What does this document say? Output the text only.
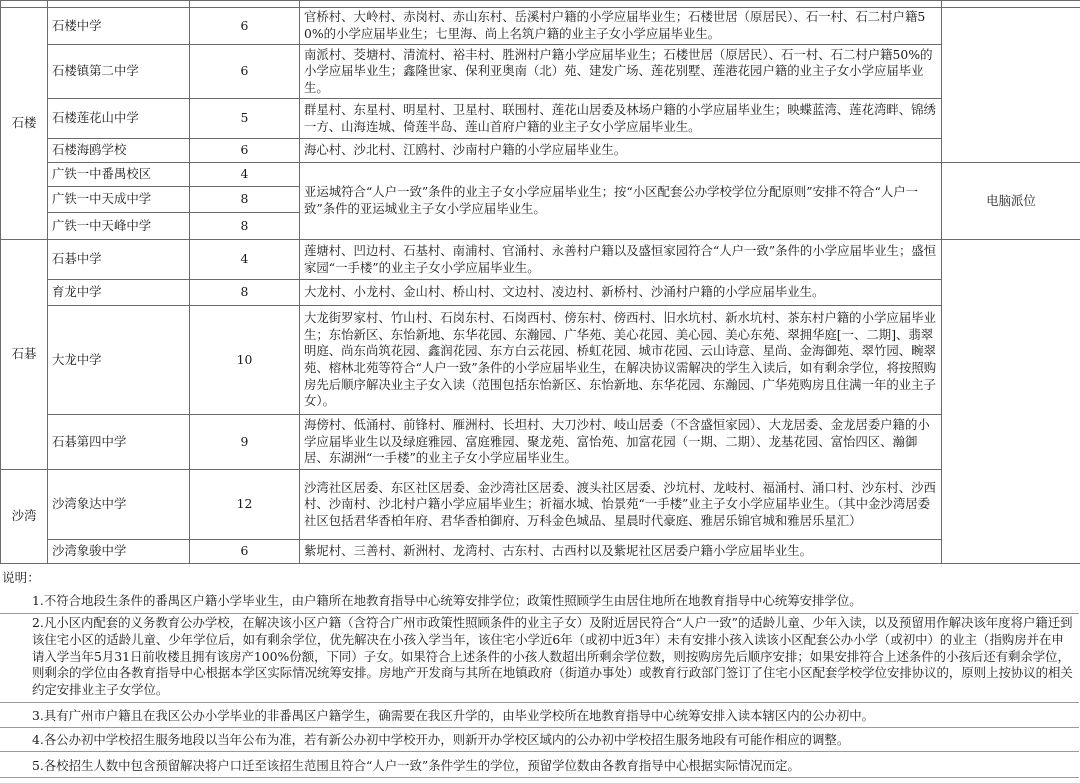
石楼	石楼中学	6	官桥村、大岭村、赤岗村、赤山东村、岳溪村户籍的小学应届毕业生；石楼世居（原居民）、石一村、石二村户籍50%的小学应届毕业生；七里海、尚上名筑户籍的业主子女小学应届毕业生。	
	石楼镇第二中学	6	南派村、茭塘村、清流村、裕丰村、胜洲村户籍小学应届毕业生；石楼世居（原居民）、石一村、石二村户籍50%的小学应届毕业生；鑫隆世家、保利亚奥南（北）苑、建发广场、莲花别墅、莲港花园户籍的业主子女小学应届毕业生。	
	石楼莲花山中学	5	群星村、东星村、明星村、卫星村、联围村、莲花山居委及林场户籍的小学应届毕业生；映蝶蓝湾、莲花湾畔、锦绣一方、山海连城、倚莲半岛、莲山首府户籍的业主子女小学应届毕业生。	
	石楼海鸥学校	6	海心村、沙北村、江鸥村、沙南村户籍的小学应届毕业生。	
	广铁一中番禺校区	4	亚运城符合“人户一致”条件的业主子女小学应届毕业生；按“小区配套公办学校学位分配原则”安排不符合“人户一致”条件的亚运城业主子女小学应届毕业生。	电脑派位
	广铁一中天成中学	8		
	广铁一中天峰中学	8		
石碁	石碁中学	4	莲塘村、凹边村、石基村、南浦村、官涌村、永善村户籍以及盛恒家园符合“人户一致”条件的小学应届毕业生；盛恒家园“一手楼”的业主子女小学应届毕业生。	
	育龙中学	8	大龙村、小龙村、金山村、桥山村、文边村、凌边村、新桥村、沙涌村户籍的小学应届毕业生。	
	大龙中学	10	大龙街罗家村、竹山村、石岗东村、石岗西村、傍东村、傍西村、旧水坑村、新水坑村、茶东村户籍的小学应届毕业生；东怡新区、东怡新地、东华花园、东瀚园、广华苑、美心花园、美心园、美心东苑、翠拥华庭[一、二期]、翡翠明庭、尚东尚筑花园、鑫润花园、东方白云花园、桥虹花园、城市花园、云山诗意、星尚、金海御苑、翠竹园、畹翠苑、榕林北苑等符合“人户一致”条件的小学应届毕业生，在解决协议需解决的学生入读后，如有剩余学位，将按照购房先后顺序解决业主子女入读（范围包括东怡新区、东怡新地、东华花园、东瀚园、广华苑购房且住满一年的业主子女）。	
	石碁第四中学	9	海傍村、低涌村、前锋村、雁洲村、长坦村、大刀沙村、岐山居委（不含盛恒家园）、大龙居委、金龙居委户籍的小学应届毕业生以及绿庭雅园、富庭雅园、聚龙苑、富怡苑、加富花园（一期、二期）、龙基花园、富怡四区、瀚御居、东湖洲“一手楼”的业主子女小学应届毕业生。	
沙湾	沙湾象达中学	12	沙湾社区居委、东区社区居委、金沙湾社区居委、渡头社区居委、沙坑村、龙岐村、福涌村、涌口村、沙东村、沙西村、沙南村、沙北村户籍小学应届毕业生；祈福水城、怡景苑“一手楼”业主子女小学应届毕业生。（其中金沙湾居委社区包括君华香柏年府、君华香柏御府、万科金色城品、星晨时代豪庭、雅居乐锦官城和雅居乐星汇）	
	沙湾象骏中学	6	紫坭村、三善村、新洲村、龙湾村、古东村、古西村以及紫坭社区居委户籍小学应届毕业生。	
说明：
1.不符合地段生条件的番禺区户籍小学毕业生，由户籍所在地教育指导中心统筹安排学位；政策性照顾学生由居住地所在地教育指导中心统筹安排学位。
2.凡小区内配套的义务教育公办学校，在解决该小区户籍（含符合广州市政策性照顾条件的业主子女）及附近居民符合“人户一致”的适龄儿童、少年入读，以及预留用作解决该年度将户籍迁到该住宅小区的适龄儿童、少年学位后，如有剩余学位，优先解决在小孩入学当年，该住宅小学近6年（或初中近3年）未有安排小孩入读该小区配套公办小学（或初中）的业主（指购房并在申请入学当年5月31日前收楼且拥有该房产100%份额，下同）子女。如果符合上述条件的小孩人数超出所剩余学位数，则按购房先后顺序安排；如果安排符合上述条件的小孩后还有剩余学位，则剩余的学位由各教育指导中心根据本学区实际情况统筹安排。房地产开发商与其所在地镇政府（街道办事处）或教育行政部门签订了住宅小区配套学校学位安排协议的，原则上按协议的相关约定安排业主子女学位。
3.具有广州市户籍且在我区公办小学毕业的非番禺区户籍学生，确需要在我区升学的，由毕业学校所在地教育指导中心统筹安排入读本辖区内的公办初中。
4.各公办初中学校招生服务地段以当年公布为准，若有新公办初中学校开办，则新开办学校区域内的公办初中学校招生服务地段有可能作相应的调整。
5.各校招生人数中包含预留解决将户口迁至该招生范围且符合“人户一致”条件学生的学位，预留学位数由各教育指导中心根据实际情况而定。
